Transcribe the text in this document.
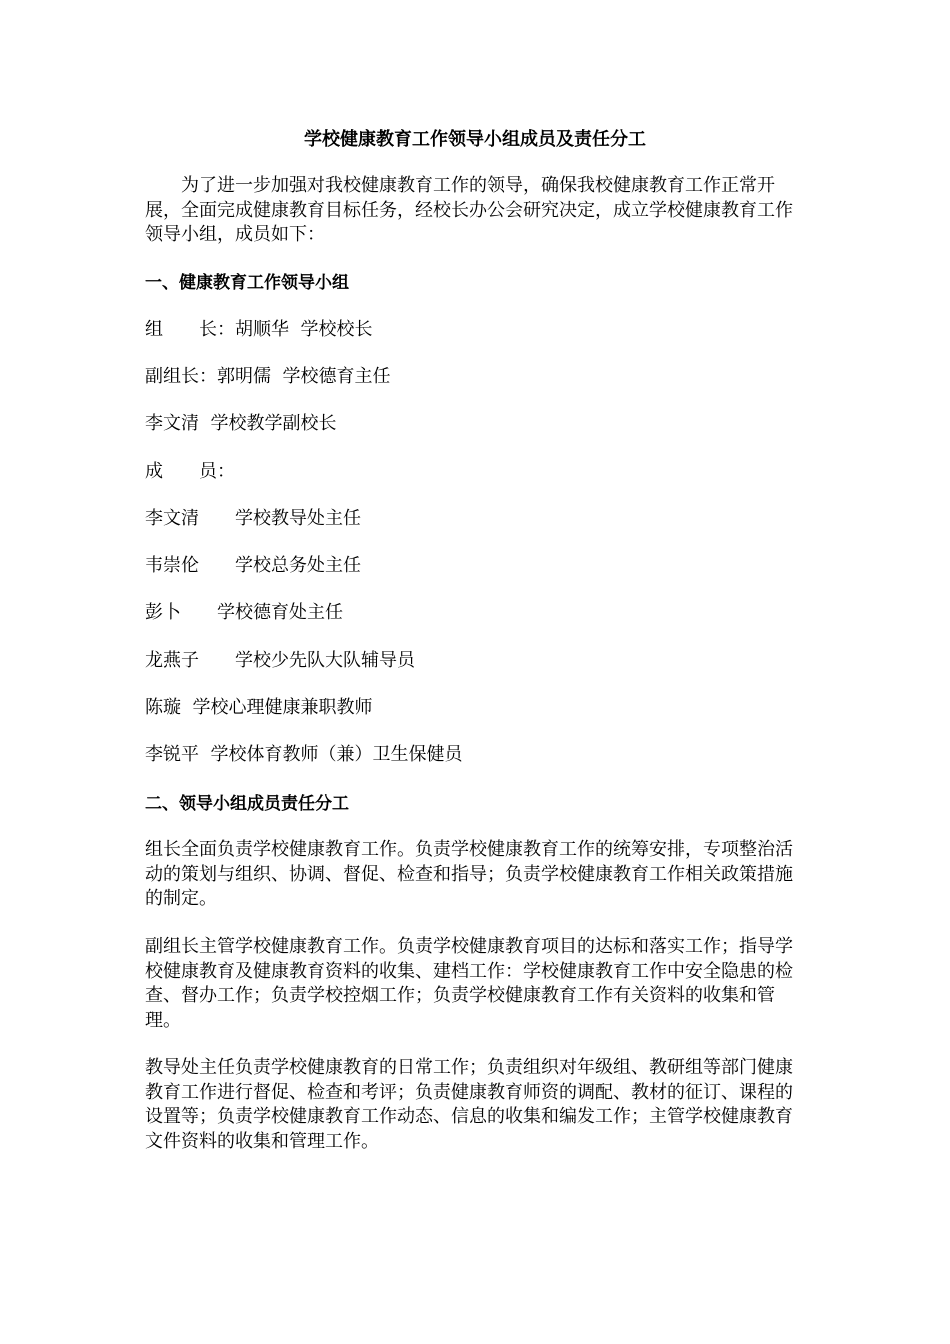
学校健康教育工作领导小组成员及责任分工

为了进一步加强对我校健康教育工作的领导，确保我校健康教育工作正常开展，全面完成健康教育目标任务，经校长办公会研究决定，成立学校健康教育工作领导小组，成员如下：

一、健康教育工作领导小组
组　　长：胡顺华  学校校长
副组长：郭明儒  学校德育主任
李文清  学校教学副校长
成　　员：
李文清　　学校教导处主任
韦崇伦　　学校总务处主任
彭卜　　学校德育处主任
龙燕子　　学校少先队大队辅导员
陈璇  学校心理健康兼职教师
李锐平  学校体育教师（兼）卫生保健员
二、领导小组成员责任分工

组长全面负责学校健康教育工作。负责学校健康教育工作的统筹安排，专项整治活动的策划与组织、协调、督促、检查和指导；负责学校健康教育工作相关政策措施的制定。

副组长主管学校健康教育工作。负责学校健康教育项目的达标和落实工作；指导学校健康教育及健康教育资料的收集、建档工作：学校健康教育工作中安全隐患的检查、督办工作；负责学校控烟工作；负责学校健康教育工作有关资料的收集和管理。

教导处主任负责学校健康教育的日常工作；负责组织对年级组、教研组等部门健康教育工作进行督促、检查和考评；负责健康教育师资的调配、教材的征订、课程的设置等；负责学校健康教育工作动态、信息的收集和编发工作；主管学校健康教育文件资料的收集和管理工作。
